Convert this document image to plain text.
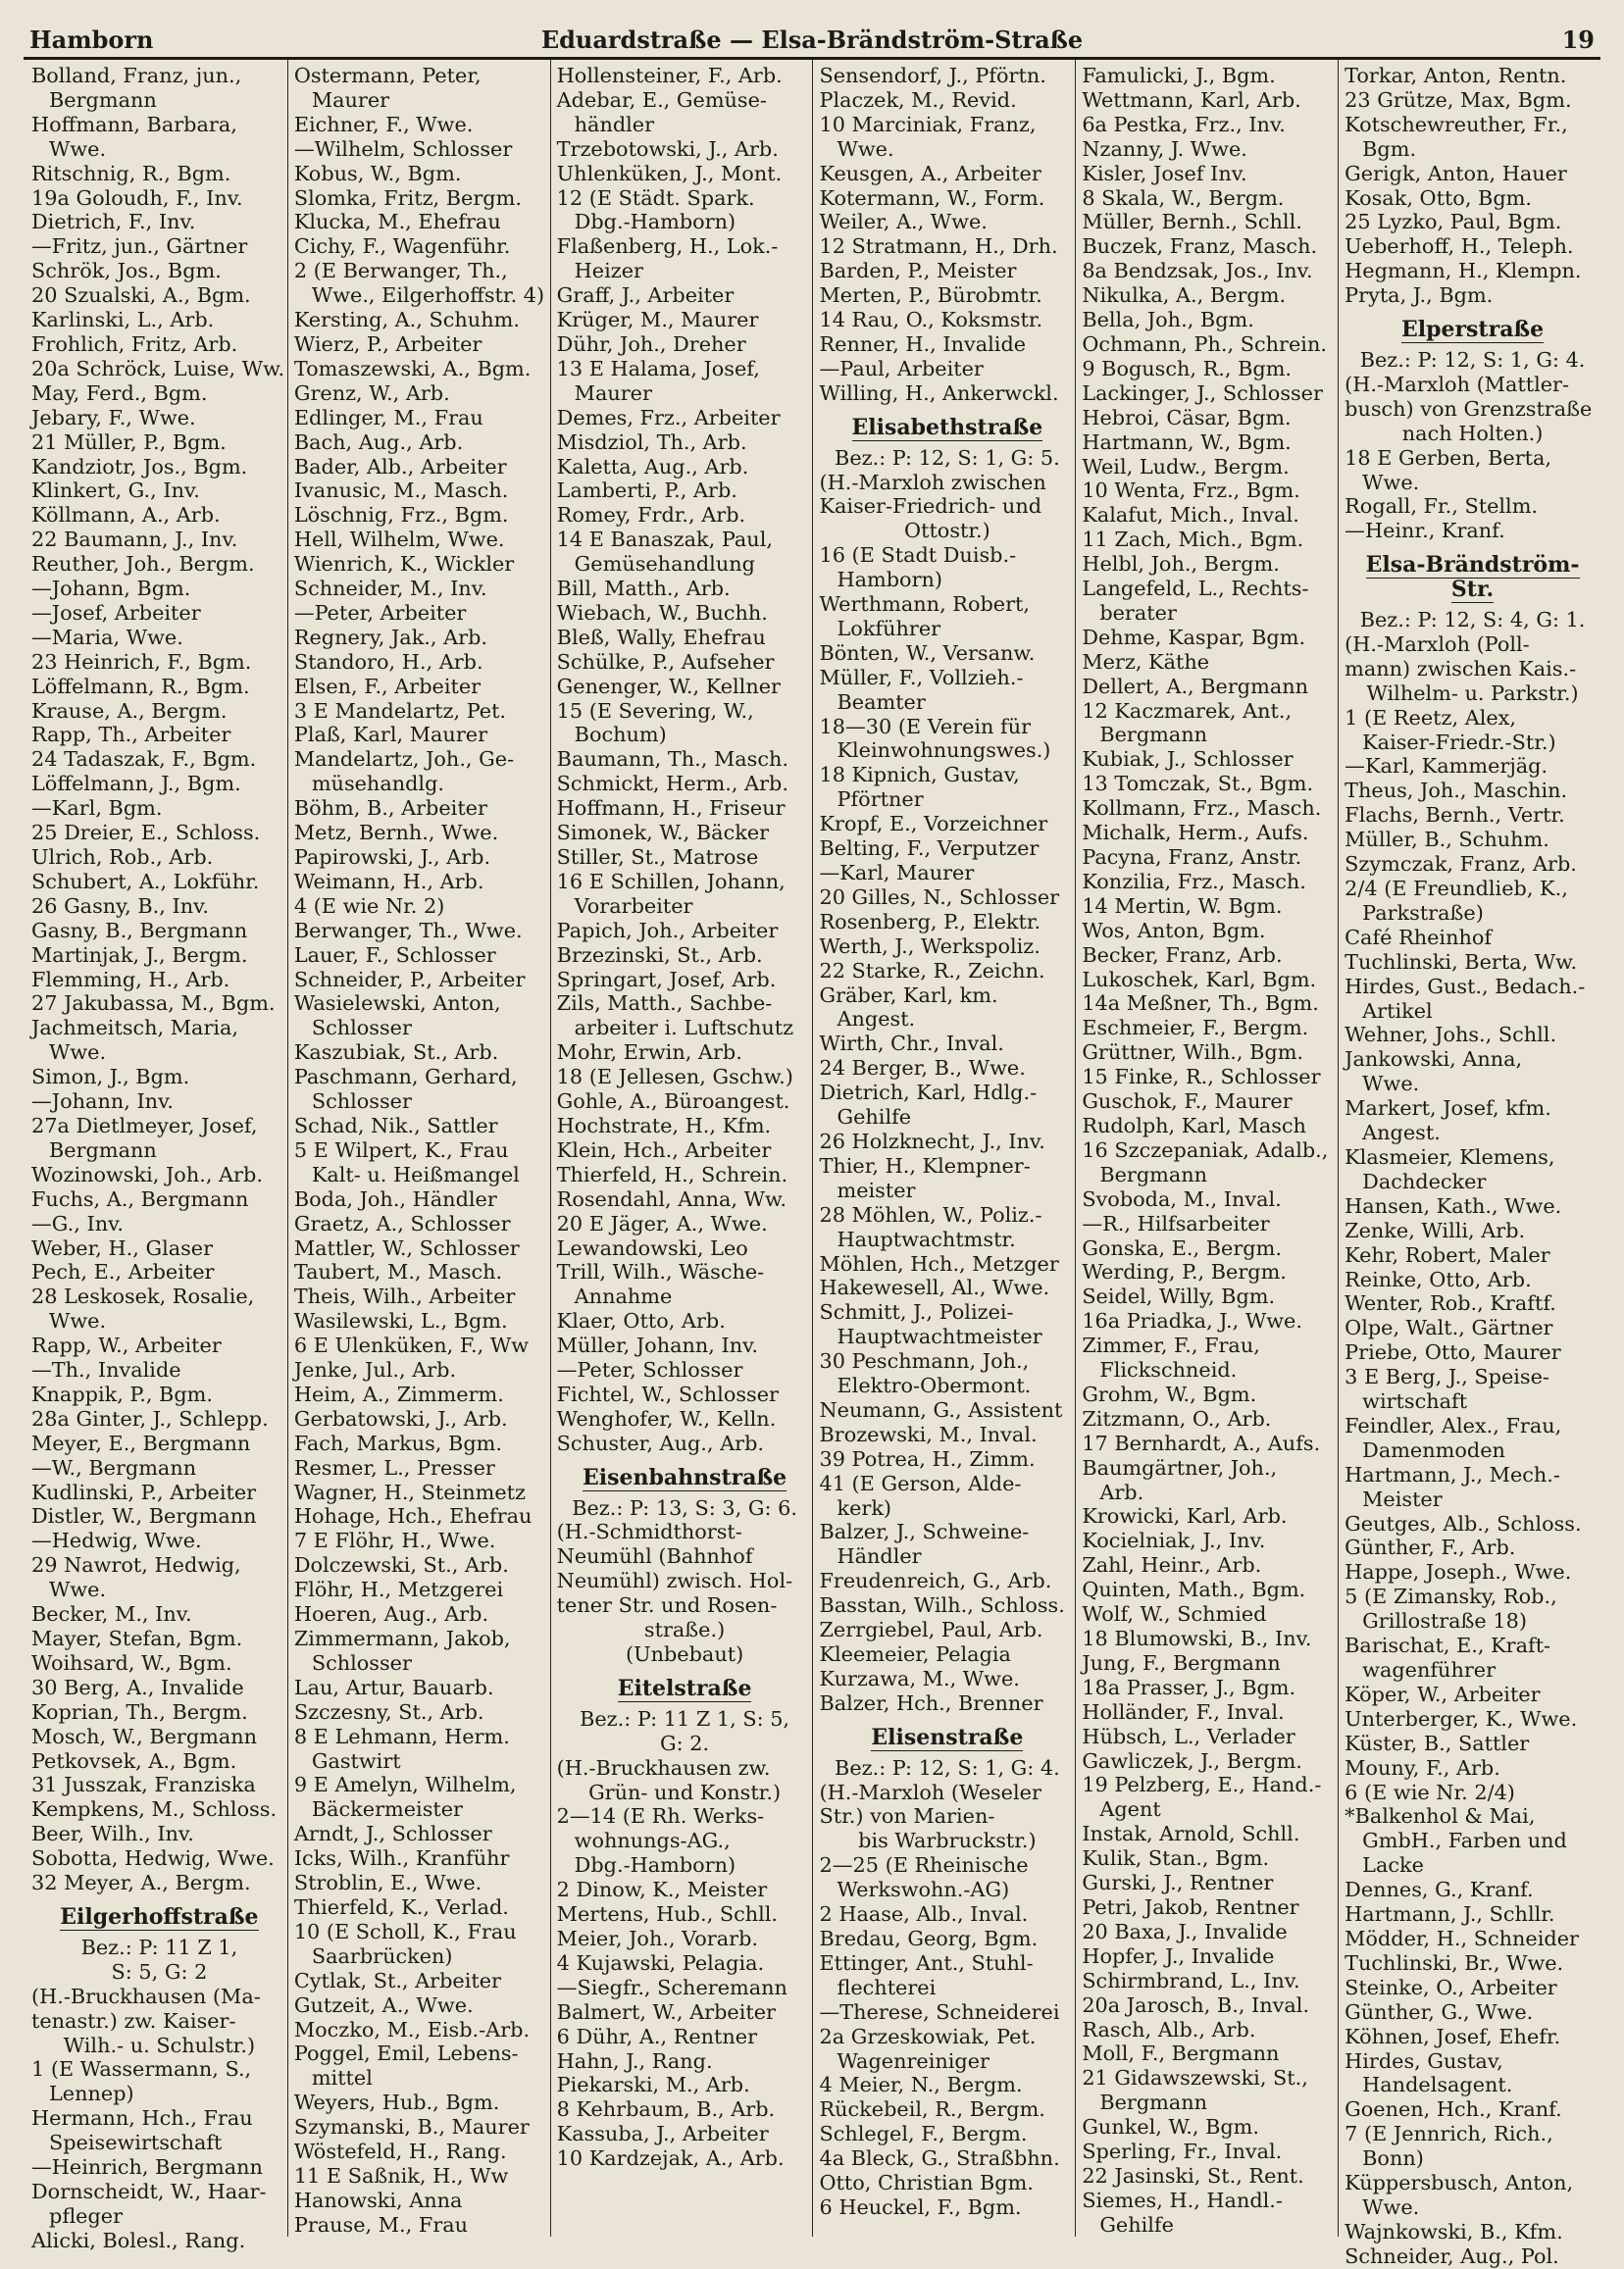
Hamborn	Eduardstraße — Elsa-Brändström-Straße	19
Bolland, Franz, jun.,
Bergmann
Hoffmann, Barbara,
Wwe.
Ritschnig, R., Bgm.
19a Goloudh, F., Inv.
Dietrich, F., Inv.
—Fritz, jun., Gärtner
Schrök, Jos., Bgm.
20 Szualski, A., Bgm.
Karlinski, L., Arb.
Frohlich, Fritz, Arb.
20a Schröck, Luise, Ww.
May, Ferd., Bgm.
Jebary, F., Wwe.
21 Müller, P., Bgm.
Kandziotr, Jos., Bgm.
Klinkert, G., Inv.
Köllmann, A., Arb.
22 Baumann, J., Inv.
Reuther, Joh., Bergm.
—Johann, Bgm.
—Josef, Arbeiter
—Maria, Wwe.
23 Heinrich, F., Bgm.
Löffelmann, R., Bgm.
Krause, A., Bergm.
Rapp, Th., Arbeiter
24 Tadaszak, F., Bgm.
Löffelmann, J., Bgm.
—Karl, Bgm.
25 Dreier, E., Schloss.
Ulrich, Rob., Arb.
Schubert, A., Lokführ.
26 Gasny, B., Inv.
Gasny, B., Bergmann
Martinjak, J., Bergm.
Flemming, H., Arb.
27 Jakubassa, M., Bgm.
Jachmeitsch, Maria,
Wwe.
Simon, J., Bgm.
—Johann, Inv.
27a Dietlmeyer, Josef,
Bergmann
Wozinowski, Joh., Arb.
Fuchs, A., Bergmann
—G., Inv.
Weber, H., Glaser
Pech, E., Arbeiter
28 Leskosek, Rosalie,
Wwe.
Rapp, W., Arbeiter
—Th., Invalide
Knappik, P., Bgm.
28a Ginter, J., Schlepp.
Meyer, E., Bergmann
—W., Bergmann
Kudlinski, P., Arbeiter
Distler, W., Bergmann
—Hedwig, Wwe.
29 Nawrot, Hedwig,
Wwe.
Becker, M., Inv.
Mayer, Stefan, Bgm.
Woihsard, W., Bgm.
30 Berg, A., Invalide
Koprian, Th., Bergm.
Mosch, W., Bergmann
Petkovsek, A., Bgm.
31 Jusszak, Franziska
Kempkens, M., Schloss.
Beer, Wilh., Inv.
Sobotta, Hedwig, Wwe.
32 Meyer, A., Bergm.
Eilgerhoffstraße
Bez.: P: 11 Z 1,
S: 5, G: 2
(H.-Bruckhausen (Ma-
tenastr.) zw. Kaiser-
Wilh.- u. Schulstr.)
1 (E Wassermann, S.,
Lennep)
Hermann, Hch., Frau
Speisewirtschaft
—Heinrich, Bergmann
Dornscheidt, W., Haar-
pfleger
Alicki, Bolesl., Rang.
Ostermann, Peter,
Maurer
Eichner, F., Wwe.
—Wilhelm, Schlosser
Kobus, W., Bgm.
Slomka, Fritz, Bergm.
Klucka, M., Ehefrau
Cichy, F., Wagenführ.
2 (E Berwanger, Th.,
Wwe., Eilgerhoffstr. 4)
Kersting, A., Schuhm.
Wierz, P., Arbeiter
Tomaszewski, A., Bgm.
Grenz, W., Arb.
Edlinger, M., Frau
Bach, Aug., Arb.
Bader, Alb., Arbeiter
Ivanusic, M., Masch.
Löschnig, Frz., Bgm.
Hell, Wilhelm, Wwe.
Wienrich, K., Wickler
Schneider, M., Inv.
—Peter, Arbeiter
Regnery, Jak., Arb.
Standoro, H., Arb.
Elsen, F., Arbeiter
3 E Mandelartz, Pet.
Plaß, Karl, Maurer
Mandelartz, Joh., Ge-
müsehandlg.
Böhm, B., Arbeiter
Metz, Bernh., Wwe.
Papirowski, J., Arb.
Weimann, H., Arb.
4 (E wie Nr. 2)
Berwanger, Th., Wwe.
Lauer, F., Schlosser
Schneider, P., Arbeiter
Wasielewski, Anton,
Schlosser
Kaszubiak, St., Arb.
Paschmann, Gerhard,
Schlosser
Schad, Nik., Sattler
5 E Wilpert, K., Frau
Kalt- u. Heißmangel
Boda, Joh., Händler
Graetz, A., Schlosser
Mattler, W., Schlosser
Taubert, M., Masch.
Theis, Wilh., Arbeiter
Wasilewski, L., Bgm.
6 E Ulenküken, F., Ww
Jenke, Jul., Arb.
Heim, A., Zimmerm.
Gerbatowski, J., Arb.
Fach, Markus, Bgm.
Resmer, L., Presser
Wagner, H., Steinmetz
Hohage, Hch., Ehefrau
7 E Flöhr, H., Wwe.
Dolczewski, St., Arb.
Flöhr, H., Metzgerei
Hoeren, Aug., Arb.
Zimmermann, Jakob,
Schlosser
Lau, Artur, Bauarb.
Szczesny, St., Arb.
8 E Lehmann, Herm.
Gastwirt
9 E Amelyn, Wilhelm,
Bäckermeister
Arndt, J., Schlosser
Icks, Wilh., Kranführ
Stroblin, E., Wwe.
Thierfeld, K., Verlad.
10 (E Scholl, K., Frau
Saarbrücken)
Cytlak, St., Arbeiter
Gutzeit, A., Wwe.
Moczko, M., Eisb.-Arb.
Poggel, Emil, Lebens-
mittel
Weyers, Hub., Bgm.
Szymanski, B., Maurer
Wöstefeld, H., Rang.
11 E Saßnik, H., Ww
Hanowski, Anna
Prause, M., Frau
Hollensteiner, F., Arb.
Adebar, E., Gemüse-
händler
Trzebotowski, J., Arb.
Uhlenküken, J., Mont.
12 (E Städt. Spark.
Dbg.-Hamborn)
Flaßenberg, H., Lok.-
Heizer
Graff, J., Arbeiter
Krüger, M., Maurer
Dühr, Joh., Dreher
13 E Halama, Josef,
Maurer
Demes, Frz., Arbeiter
Misdziol, Th., Arb.
Kaletta, Aug., Arb.
Lamberti, P., Arb.
Romey, Frdr., Arb.
14 E Banaszak, Paul,
Gemüsehandlung
Bill, Matth., Arb.
Wiebach, W., Buchh.
Bleß, Wally, Ehefrau
Schülke, P., Aufseher
Genenger, W., Kellner
15 (E Severing, W.,
Bochum)
Baumann, Th., Masch.
Schmickt, Herm., Arb.
Hoffmann, H., Friseur
Simonek, W., Bäcker
Stiller, St., Matrose
16 E Schillen, Johann,
Vorarbeiter
Papich, Joh., Arbeiter
Brzezinski, St., Arb.
Springart, Josef, Arb.
Zils, Matth., Sachbe-
arbeiter i. Luftschutz
Mohr, Erwin, Arb.
18 (E Jellesen, Gschw.)
Gohle, A., Büroangest.
Hochstrate, H., Kfm.
Klein, Hch., Arbeiter
Thierfeld, H., Schrein.
Rosendahl, Anna, Ww.
20 E Jäger, A., Wwe.
Lewandowski, Leo
Trill, Wilh., Wäsche-
Annahme
Klaer, Otto, Arb.
Müller, Johann, Inv.
—Peter, Schlosser
Fichtel, W., Schlosser
Wenghofer, W., Kelln.
Schuster, Aug., Arb.
Eisenbahnstraße
Bez.: P: 13, S: 3, G: 6.
(H.-Schmidthorst-
Neumühl (Bahnhof
Neumühl) zwisch. Hol-
tener Str. und Rosen-
straße.)
(Unbebaut)
Eitelstraße
Bez.: P: 11 Z 1, S: 5,
G: 2.
(H.-Bruckhausen zw.
Grün- und Konstr.)
2—14 (E Rh. Werks-
wohnungs-AG.,
Dbg.-Hamborn)
2 Dinow, K., Meister
Mertens, Hub., Schll.
Meier, Joh., Vorarb.
4 Kujawski, Pelagia.
—Siegfr., Scheremann
Balmert, W., Arbeiter
6 Dühr, A., Rentner
Hahn, J., Rang.
Piekarski, M., Arb.
8 Kehrbaum, B., Arb.
Kassuba, J., Arbeiter
10 Kardzejak, A., Arb.
Sensendorf, J., Pförtn.
Placzek, M., Revid.
10 Marciniak, Franz,
Wwe.
Keusgen, A., Arbeiter
Kotermann, W., Form.
Weiler, A., Wwe.
12 Stratmann, H., Drh.
Barden, P., Meister
Merten, P., Bürobmtr.
14 Rau, O., Koksmstr.
Renner, H., Invalide
—Paul, Arbeiter
Willing, H., Ankerwckl.
Elisabethstraße
Bez.: P: 12, S: 1, G: 5.
(H.-Marxloh zwischen
Kaiser-Friedrich- und
Ottostr.)
16 (E Stadt Duisb.-
Hamborn)
Werthmann, Robert,
Lokführer
Bönten, W., Versanw.
Müller, F., Vollzieh.-
Beamter
18—30 (E Verein für
Kleinwohnungswes.)
18 Kipnich, Gustav,
Pförtner
Kropf, E., Vorzeichner
Belting, F., Verputzer
—Karl, Maurer
20 Gilles, N., Schlosser
Rosenberg, P., Elektr.
Werth, J., Werkspoliz.
22 Starke, R., Zeichn.
Gräber, Karl, km.
Angest.
Wirth, Chr., Inval.
24 Berger, B., Wwe.
Dietrich, Karl, Hdlg.-
Gehilfe
26 Holzknecht, J., Inv.
Thier, H., Klempner-
meister
28 Möhlen, W., Poliz.-
Hauptwachtmstr.
Möhlen, Hch., Metzger
Hakewesell, Al., Wwe.
Schmitt, J., Polizei-
Hauptwachtmeister
30 Peschmann, Joh.,
Elektro-Obermont.
Neumann, G., Assistent
Brozewski, M., Inval.
39 Potrea, H., Zimm.
41 (E Gerson, Alde-
kerk)
Balzer, J., Schweine-
Händler
Freudenreich, G., Arb.
Basstan, Wilh., Schloss.
Zerrgiebel, Paul, Arb.
Kleemeier, Pelagia
Kurzawa, M., Wwe.
Balzer, Hch., Brenner
Elisenstraße
Bez.: P: 12, S: 1, G: 4.
(H.-Marxloh (Weseler
Str.) von Marien-
bis Warbruckstr.)
2—25 (E Rheinische
Werkswohn.-AG)
2 Haase, Alb., Inval.
Bredau, Georg, Bgm.
Ettinger, Ant., Stuhl-
flechterei
—Therese, Schneiderei
2a Grzeskowiak, Pet.
Wagenreiniger
4 Meier, N., Bergm.
Rückebeil, R., Bergm.
Schlegel, F., Bergm.
4a Bleck, G., Straßbhn.
Otto, Christian Bgm.
6 Heuckel, F., Bgm.
Famulicki, J., Bgm.
Wettmann, Karl, Arb.
6a Pestka, Frz., Inv.
Nzanny, J. Wwe.
Kisler, Josef Inv.
8 Skala, W., Bergm.
Müller, Bernh., Schll.
Buczek, Franz, Masch.
8a Bendzsak, Jos., Inv.
Nikulka, A., Bergm.
Bella, Joh., Bgm.
Ochmann, Ph., Schrein.
9 Bogusch, R., Bgm.
Lackinger, J., Schlosser
Hebroi, Cäsar, Bgm.
Hartmann, W., Bgm.
Weil, Ludw., Bergm.
10 Wenta, Frz., Bgm.
Kalafut, Mich., Inval.
11 Zach, Mich., Bgm.
Helbl, Joh., Bergm.
Langefeld, L., Rechts-
berater
Dehme, Kaspar, Bgm.
Merz, Käthe
Dellert, A., Bergmann
12 Kaczmarek, Ant.,
Bergmann
Kubiak, J., Schlosser
13 Tomczak, St., Bgm.
Kollmann, Frz., Masch.
Michalk, Herm., Aufs.
Pacyna, Franz, Anstr.
Konzilia, Frz., Masch.
14 Mertin, W. Bgm.
Wos, Anton, Bgm.
Becker, Franz, Arb.
Lukoschek, Karl, Bgm.
14a Meßner, Th., Bgm.
Eschmeier, F., Bergm.
Grüttner, Wilh., Bgm.
15 Finke, R., Schlosser
Guschok, F., Maurer
Rudolph, Karl, Masch
16 Szczepaniak, Adalb.,
Bergmann
Svoboda, M., Inval.
—R., Hilfsarbeiter
Gonska, E., Bergm.
Werding, P., Bergm.
Seidel, Willy, Bgm.
16a Priadka, J., Wwe.
Zimmer, F., Frau,
Flickschneid.
Grohm, W., Bgm.
Zitzmann, O., Arb.
17 Bernhardt, A., Aufs.
Baumgärtner, Joh.,
Arb.
Krowicki, Karl, Arb.
Kocielniak, J., Inv.
Zahl, Heinr., Arb.
Quinten, Math., Bgm.
Wolf, W., Schmied
18 Blumowski, B., Inv.
Jung, F., Bergmann
18a Prasser, J., Bgm.
Holländer, F., Inval.
Hübsch, L., Verlader
Gawliczek, J., Bergm.
19 Pelzberg, E., Hand.-
Agent
Instak, Arnold, Schll.
Kulik, Stan., Bgm.
Gurski, J., Rentner
Petri, Jakob, Rentner
20 Baxa, J., Invalide
Hopfer, J., Invalide
Schirmbrand, L., Inv.
20a Jarosch, B., Inval.
Rasch, Alb., Arb.
Moll, F., Bergmann
21 Gidawszewski, St.,
Bergmann
Gunkel, W., Bgm.
Sperling, Fr., Inval.
22 Jasinski, St., Rent.
Siemes, H., Handl.-
Gehilfe
Torkar, Anton, Rentn.
23 Grütze, Max, Bgm.
Kotschewreuther, Fr.,
Bgm.
Gerigk, Anton, Hauer
Kosak, Otto, Bgm.
25 Lyzko, Paul, Bgm.
Ueberhoff, H., Teleph.
Hegmann, H., Klempn.
Pryta, J., Bgm.
Elperstraße
Bez.: P: 12, S: 1, G: 4.
(H.-Marxloh (Mattler-
busch) von Grenzstraße
nach Holten.)
18 E Gerben, Berta,
Wwe.
Rogall, Fr., Stellm.
—Heinr., Kranf.
Elsa-Brändström-Str.
Bez.: P: 12, S: 4, G: 1.
(H.-Marxloh (Poll-
mann) zwischen Kais.-
Wilhelm- u. Parkstr.)
1 (E Reetz, Alex,
Kaiser-Friedr.-Str.)
—Karl, Kammerjäg.
Theus, Joh., Maschin.
Flachs, Bernh., Vertr.
Müller, B., Schuhm.
Szymczak, Franz, Arb.
2/4 (E Freundlieb, K.,
Parkstraße)
Café Rheinhof
Tuchlinski, Berta, Ww.
Hirdes, Gust., Bedach.-
Artikel
Wehner, Johs., Schll.
Jankowski, Anna,
Wwe.
Markert, Josef, kfm.
Angest.
Klasmeier, Klemens,
Dachdecker
Hansen, Kath., Wwe.
Zenke, Willi, Arb.
Kehr, Robert, Maler
Reinke, Otto, Arb.
Wenter, Rob., Kraftf.
Olpe, Walt., Gärtner
Priebe, Otto, Maurer
3 E Berg, J., Speise-
wirtschaft
Feindler, Alex., Frau,
Damenmoden
Hartmann, J., Mech.-
Meister
Geutges, Alb., Schloss.
Günther, F., Arb.
Happe, Joseph., Wwe.
5 (E Zimansky, Rob.,
Grillostraße 18)
Barischat, E., Kraft-
wagenführer
Köper, W., Arbeiter
Unterberger, K., Wwe.
Küster, B., Sattler
Mouny, F., Arb.
6 (E wie Nr. 2/4)
*Balkenhol & Mai,
GmbH., Farben und
Lacke
Dennes, G., Kranf.
Hartmann, J., Schllr.
Mödder, H., Schneider
Tuchlinski, Br., Wwe.
Steinke, O., Arbeiter
Günther, G., Wwe.
Köhnen, Josef, Ehefr.
Hirdes, Gustav,
Handelsagent.
Goenen, Hch., Kranf.
7 (E Jennrich, Rich.,
Bonn)
Küppersbusch, Anton,
Wwe.
Wajnkowski, B., Kfm.
Schneider, Aug., Pol.
